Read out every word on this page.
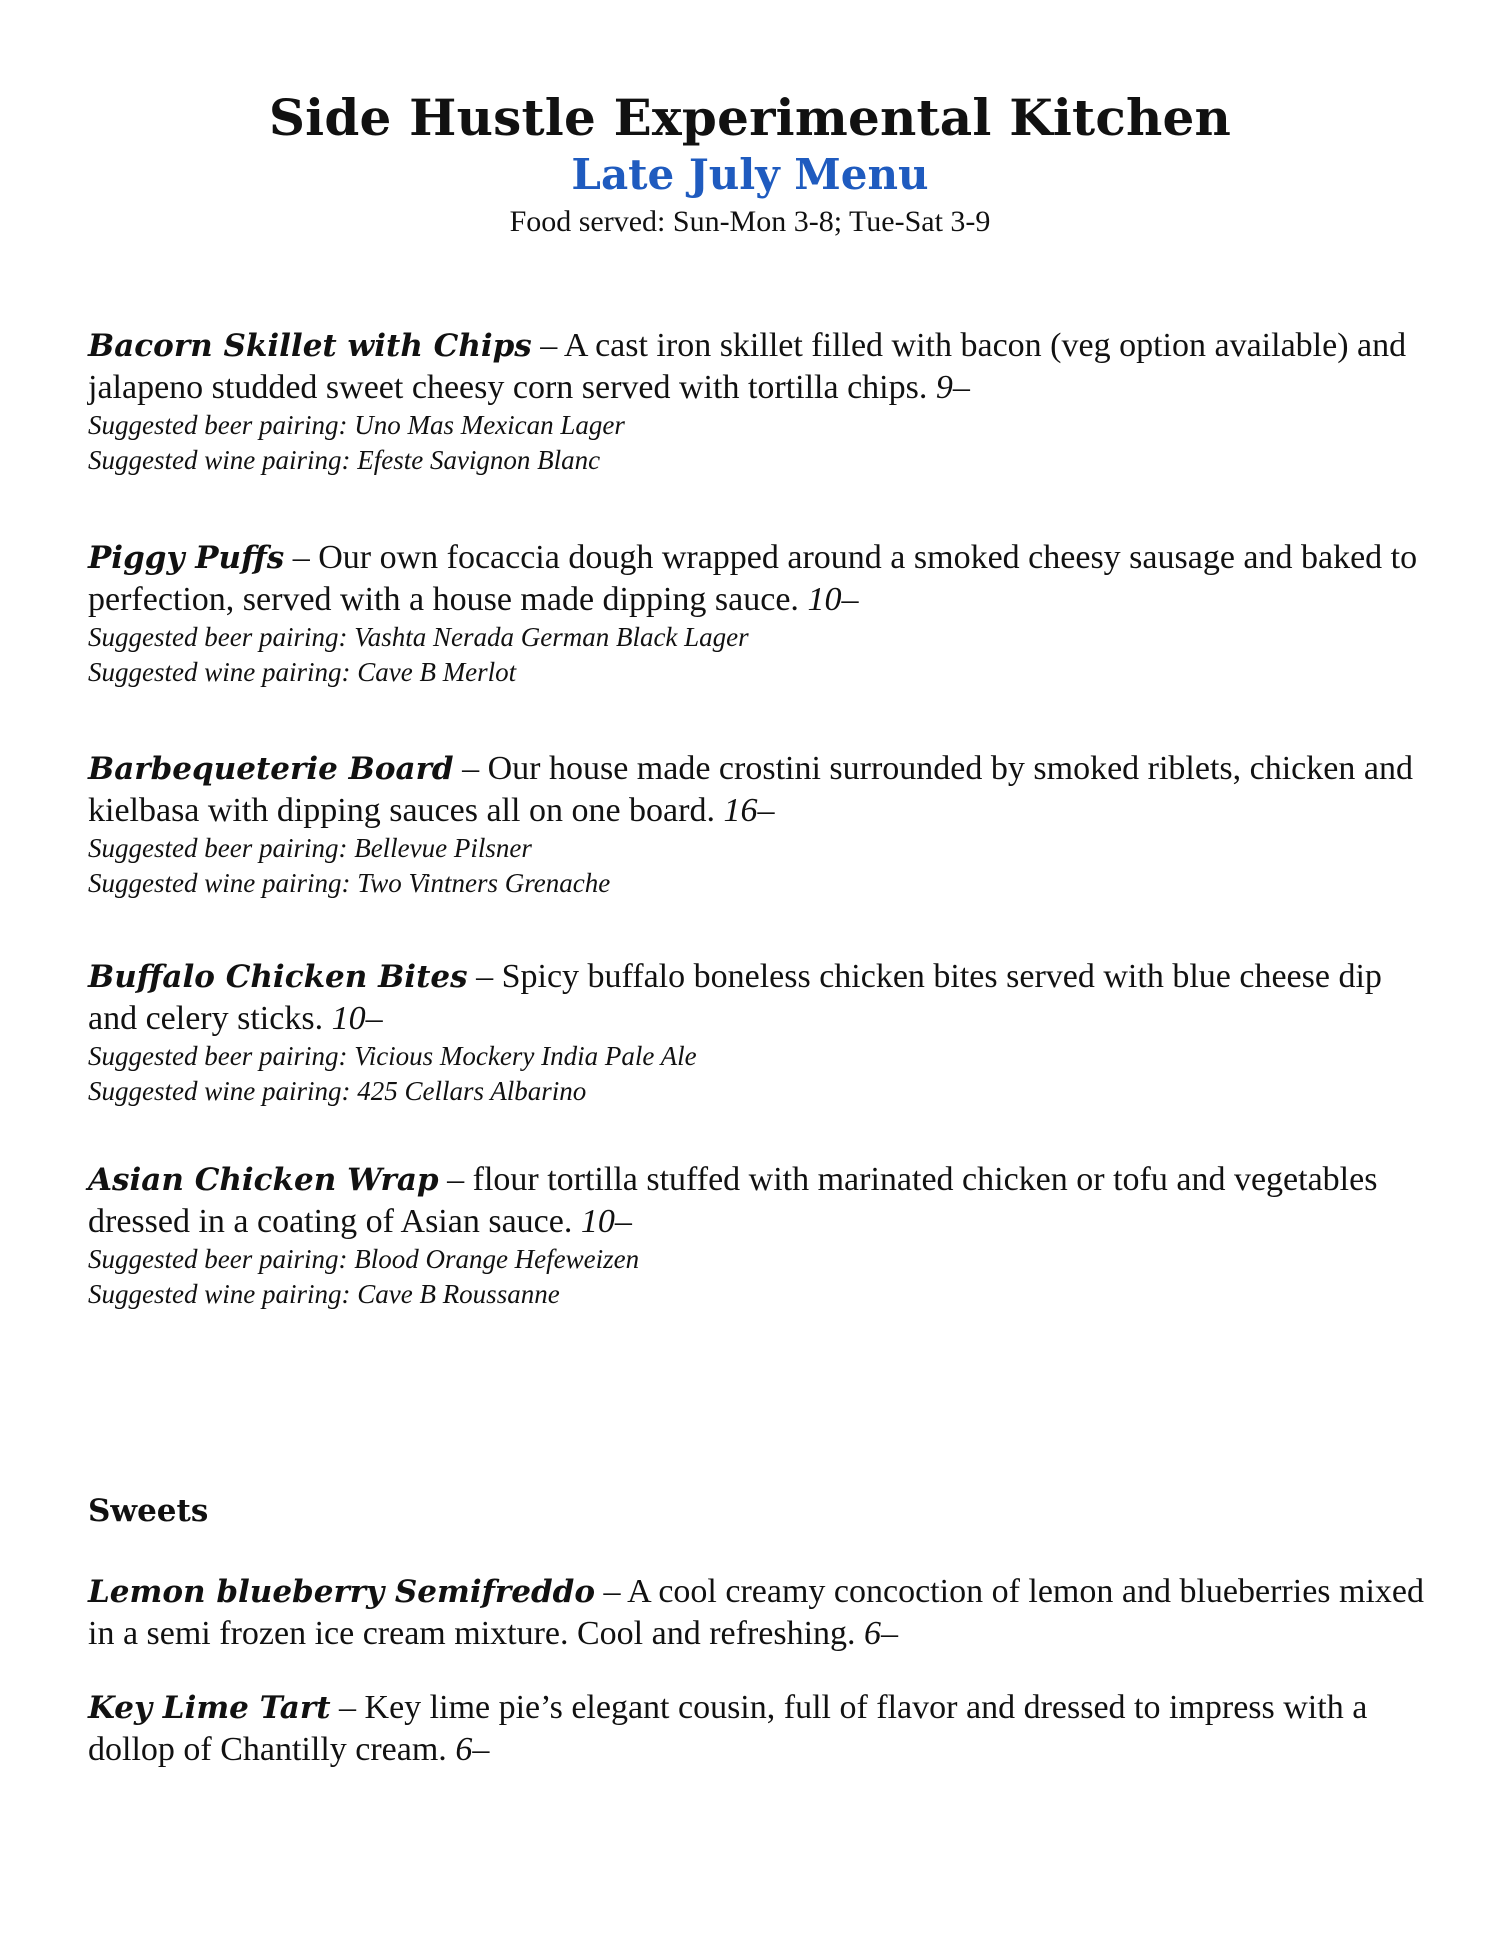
Side Hustle Experimental Kitchen
Late July Menu
Food served: Sun-Mon 3-8; Tue-Sat 3-9
Bacorn Skillet with Chips – A cast iron skillet filled with bacon (veg option available) and jalapeno studded sweet cheesy corn served with tortilla chips. 9–
Suggested beer pairing: Uno Mas Mexican Lager
Suggested wine pairing: Efeste Savignon Blanc
Piggy Puffs – Our own focaccia dough wrapped around a smoked cheesy sausage and baked to perfection, served with a house made dipping sauce. 10–
Suggested beer pairing: Vashta Nerada German Black Lager
Suggested wine pairing: Cave B Merlot
Barbequeterie Board – Our house made crostini surrounded by smoked riblets, chicken and kielbasa with dipping sauces all on one board. 16–
Suggested beer pairing: Bellevue Pilsner
Suggested wine pairing: Two Vintners Grenache
Buffalo Chicken Bites – Spicy buffalo boneless chicken bites served with blue cheese dip and celery sticks. 10–
Suggested beer pairing: Vicious Mockery India Pale Ale
Suggested wine pairing: 425 Cellars Albarino
Asian Chicken Wrap – flour tortilla stuffed with marinated chicken or tofu and vegetables dressed in a coating of Asian sauce. 10–
Suggested beer pairing: Blood Orange Hefeweizen
Suggested wine pairing: Cave B Roussanne
Sweets
Lemon blueberry Semifreddo – A cool creamy concoction of lemon and blueberries mixed in a semi frozen ice cream mixture. Cool and refreshing. 6–
Key Lime Tart – Key lime pie’s elegant cousin, full of flavor and dressed to impress with a dollop of Chantilly cream. 6–
